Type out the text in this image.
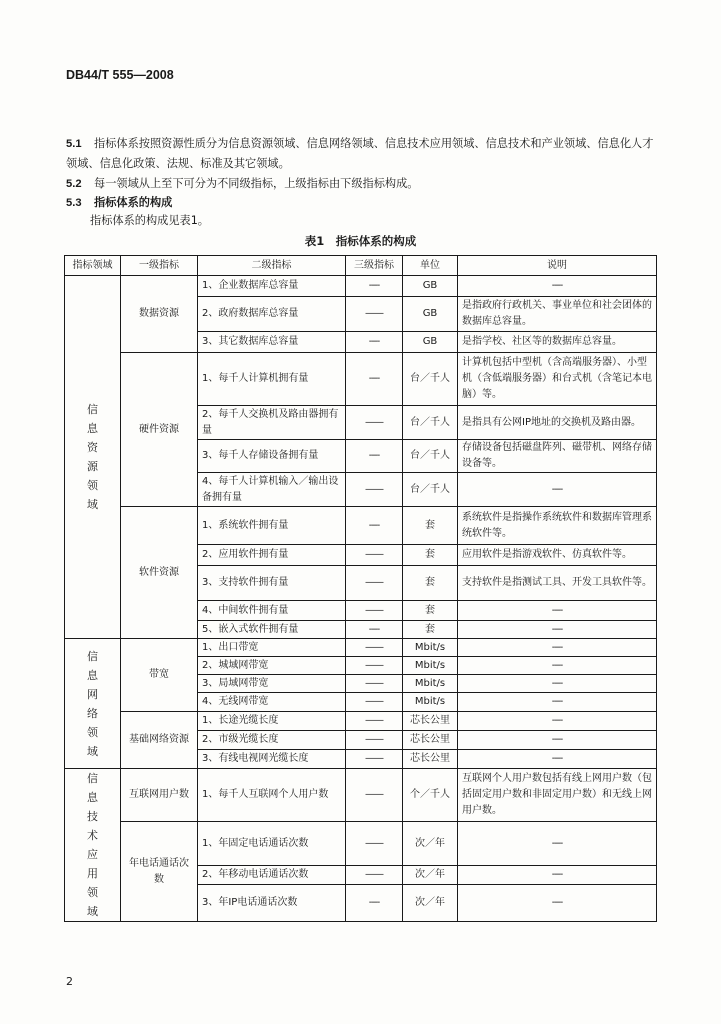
DB44/T 555—2008
5.1 指标体系按照资源性质分为信息资源领域、信息网络领域、信息技术应用领域、信息技术和产业领域、信息化人才领域、信息化政策、法规、标准及其它领域。
5.2 每一领域从上至下可分为不同级指标，上级指标由下级指标构成。
5.3 指标体系的构成
指标体系的构成见表1。
表1　指标体系的构成
指标领域	一级指标	二级指标	三级指标	单位	说明

信息资源领域	数据资源	1、企业数据库总容量	----	GB	----
		2、政府数据库总容量	——	GB	是指政府行政机关、事业单位和社会团体的数据库总容量。
		3、其它数据库总容量	----	GB	是指学校、社区等的数据库总容量。
	硬件资源	1、每千人计算机拥有量	----	台／千人	计算机包括中型机（含高端服务器）、小型机（含低端服务器）和台式机（含笔记本电脑）等。
		2、每千人交换机及路由器拥有量	——	台／千人	是指具有公网IP地址的交换机及路由器。
		3、每千人存储设备拥有量	----	台／千人	存储设备包括磁盘阵列、磁带机、网络存储设备等。
		4、每千人计算机输入／输出设备拥有量	——	台／千人	----
	软件资源	1、系统软件拥有量	----	套	系统软件是指操作系统软件和数据库管理系统软件等。
		2、应用软件拥有量	——	套	应用软件是指游戏软件、仿真软件等。
		3、支持软件拥有量	——	套	支持软件是指测试工具、开发工具软件等。
		4、中间软件拥有量	——	套	----
		5、嵌入式软件拥有量	----	套	----

信息网络领域	带宽	1、出口带宽	——	Mbit/s	----
		2、城域网带宽	——	Mbit/s	----
		3、局域网带宽	——	Mbit/s	----
		4、无线网带宽	——	Mbit/s	----
	基础网络资源	1、长途光缆长度	——	芯长公里	----
		2、市级光缆长度	——	芯长公里	----
		3、有线电视网光缆长度	——	芯长公里	----

信息技术应用领域	互联网用户数	1、每千人互联网个人用户数	——	个／千人	互联网个人用户数包括有线上网用户数（包括固定用户数和非固定用户数）和无线上网用户数。
	年电话通话次数	1、年固定电话通话次数	——	次／年	----
		2、年移动电话通话次数	——	次／年	----
		3、年IP电话通话次数	----	次／年	----
2
